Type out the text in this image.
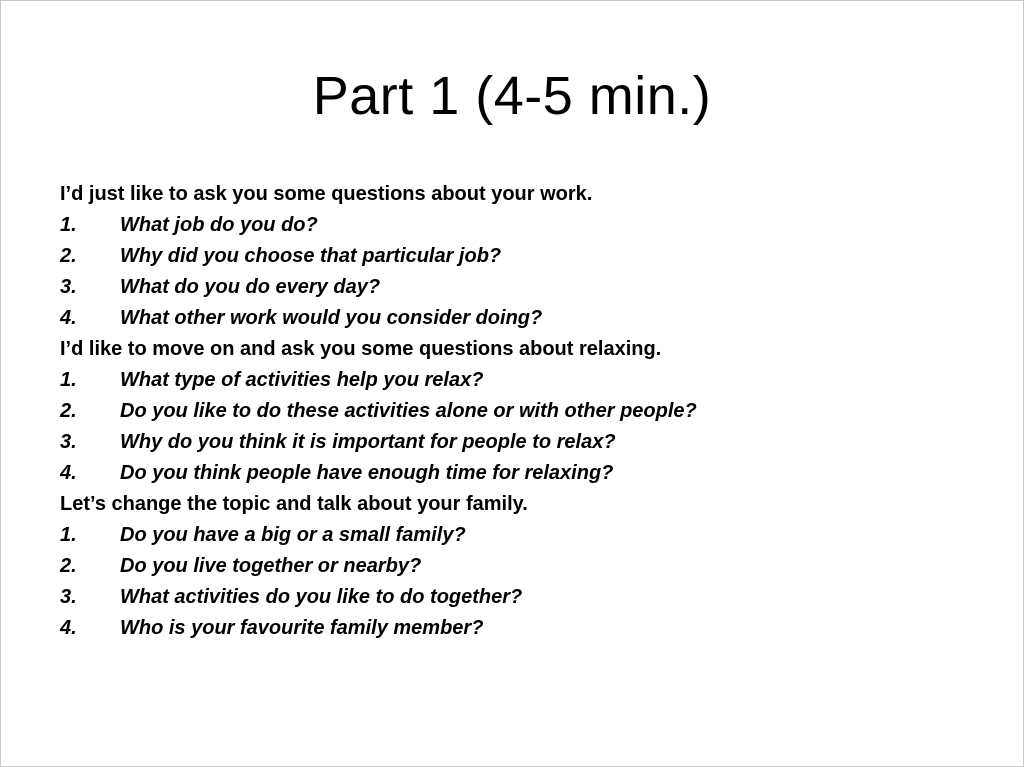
Part 1 (4-5 min.)
I’d just like to ask you some questions about your work.
1. What job do you do?
2. Why did you choose that particular job?
3. What do you do every day?
4. What other work would you consider doing?
I’d like to move on and ask you some questions about relaxing.
1. What type of activities help you relax?
2. Do you like to do these activities alone or with other people?
3. Why do you think it is important for people to relax?
4. Do you think people have enough time for relaxing?
Let’s change the topic and talk about your family.
1. Do you have a big or a small family?
2. Do you live together or nearby?
3. What activities do you like to do together?
4. Who is your favourite family member?
